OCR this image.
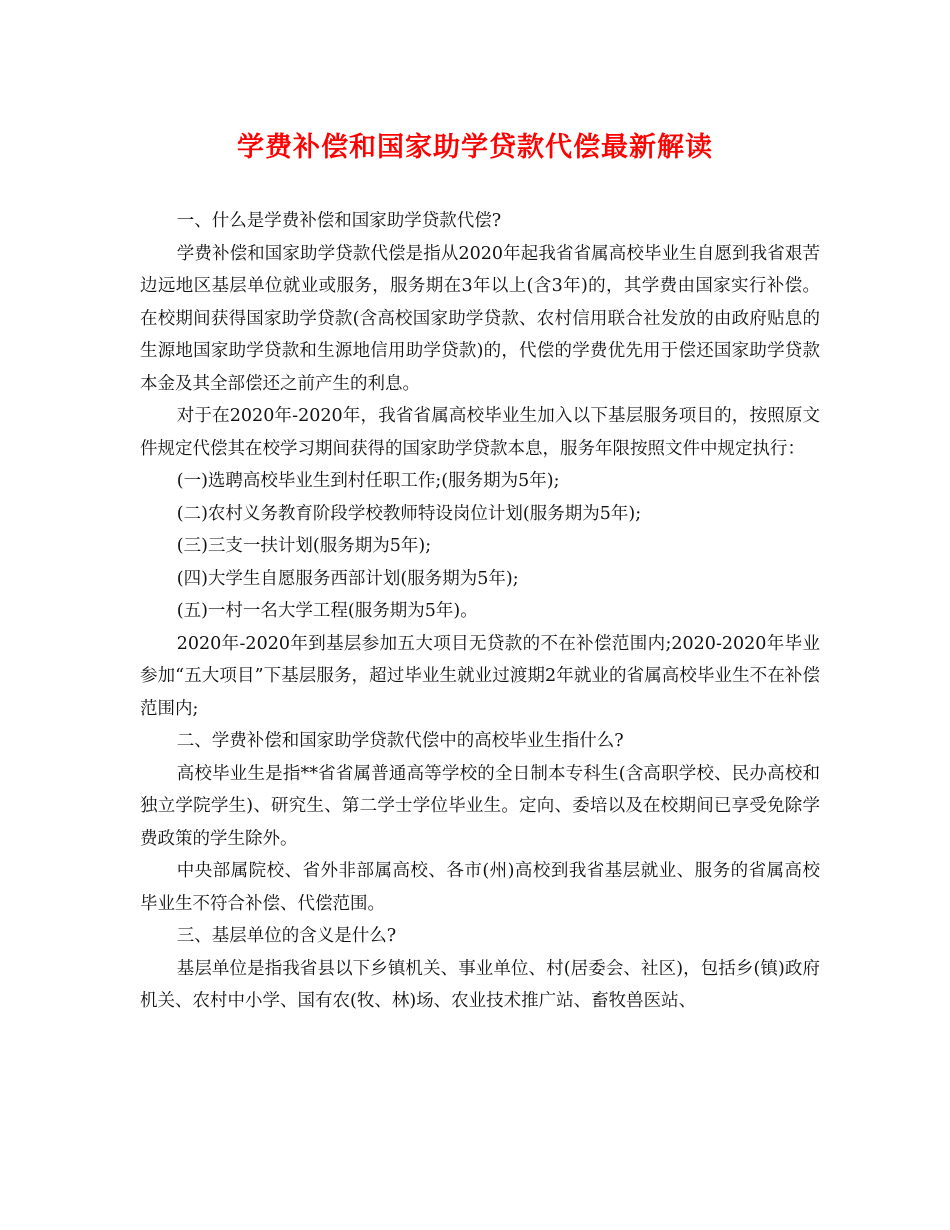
学费补偿和国家助学贷款代偿最新解读

一、什么是学费补偿和国家助学贷款代偿?

学费补偿和国家助学贷款代偿是指从2020年起我省省属高校毕业生自愿到我省艰苦边远地区基层单位就业或服务，服务期在3年以上(含3年)的，其学费由国家实行补偿。在校期间获得国家助学贷款(含高校国家助学贷款、农村信用联合社发放的由政府贴息的生源地国家助学贷款和生源地信用助学贷款)的，代偿的学费优先用于偿还国家助学贷款本金及其全部偿还之前产生的利息。

对于在2020年-2020年，我省省属高校毕业生加入以下基层服务项目的，按照原文件规定代偿其在校学习期间获得的国家助学贷款本息，服务年限按照文件中规定执行：

(一)选聘高校毕业生到村任职工作;(服务期为5年);

(二)农村义务教育阶段学校教师特设岗位计划(服务期为5年);

(三)三支一扶计划(服务期为5年);

(四)大学生自愿服务西部计划(服务期为5年);

(五)一村一名大学工程(服务期为5年)。

2020年-2020年到基层参加五大项目无贷款的不在补偿范围内;2020-2020年毕业参加“五大项目”下基层服务，超过毕业生就业过渡期2年就业的省属高校毕业生不在补偿范围内;

二、学费补偿和国家助学贷款代偿中的高校毕业生指什么?

高校毕业生是指**省省属普通高等学校的全日制本专科生(含高职学校、民办高校和独立学院学生)、研究生、第二学士学位毕业生。定向、委培以及在校期间已享受免除学费政策的学生除外。

中央部属院校、省外非部属高校、各市(州)高校到我省基层就业、服务的省属高校毕业生不符合补偿、代偿范围。

三、基层单位的含义是什么?

基层单位是指我省县以下乡镇机关、事业单位、村(居委会、社区)，包括乡(镇)政府机关、农村中小学、国有农(牧、林)场、农业技术推广站、畜牧兽医站、
